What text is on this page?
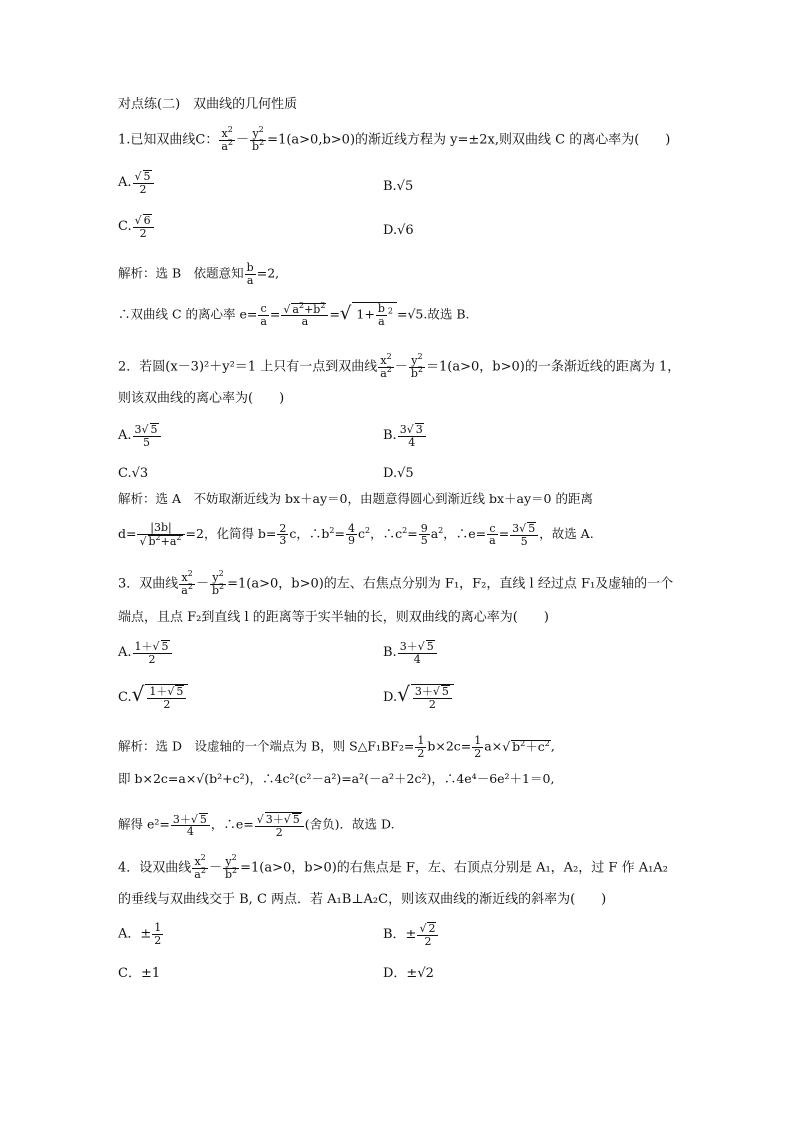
对点练(二)　双曲线的几何性质
1.已知双曲线C： $\frac{x^2}{a^2} - \frac{y^2}{b^2} =1(a>0,b>0)$的渐近线方程为 y=±2x,则双曲线 C 的离心率为(　　)
A.
√ $\frac{5}{2}$	B.√5
C.
√ $\frac{6}{2}$	D.√6
解析：选 B　依题意知 $\frac{b}{a} =2$,
∴双曲线 C 的离心率 $e= \frac{c}{a}$ =
√ $\frac{a^2+b^2}{a}$ =√ $1+ \frac{b}{a} ^2 =√5$.故选 B.
2．若圆(x－3)²＋y²＝1 上只有一点到双曲线 $\frac{x^2}{a^2} - \frac{y^2}{b^2} =1(a>0$，b>0)的一条渐近线的距离为 1，
则该双曲线的离心率为(　　)
A. $\frac{3√ 5}{5}$	B. $\frac{3√ 3}{4}$
C.√3	D.√5
解析：选 A　不妨取渐近线为 bx＋ay＝0，由题意得圆心到渐近线 bx＋ay＝0 的距离
d= |3b|
√ $b^2+a^2 =2$，化简得 $b= \frac{2}{3}$ c，$\therefore b^2= \frac{4}{9} c^2$，$\therefore c^2= \frac{9}{5} a^2$，∴e= $\frac{c}{a} = \frac{3√ 5}{5}$ ，故选 A.
3．双曲线 $\frac{x^2}{a^2} - \frac{y^2}{b^2} =1(a>0$，b>0)的左、右焦点分别为 F₁，F₂，直线 l 经过点 F₁及虚轴的一个
端点，且点 F₂到直线 l 的距离等于实半轴的长，则双曲线的离心率为(　　)
A. $\frac{1+√ 5}{2}$	B. $\frac{3+√ 5}{4}$
$C.√ \frac{1+√ 5}{2}$	$D.√ \frac{3+√ 5}{2}$
解析：选 D　设虚轴的一个端点为 B，则 S△F₁BF₂= $\frac{1}{2} b\times 2c= \frac{1}{2} a\times√$ $b^2+c^2$,
即 b×2c=a×√(b²+c²)，∴4c²(c²－a²)=a²(－a²＋2c²)，∴4e⁴－6e²＋1＝0,
解得 $e^2= \frac{3+√ 5}{4}$ ，∴e=
√ $\frac{3+√ 5}{2}$ (舍负)．故选 D.
4．设双曲线 $\frac{x^2}{a^2} - \frac{y^2}{b^2} =1(a>0$，b>0)的右焦点是 F，左、右顶点分别是 A₁，A₂，过 F 作 A₁A₂
的垂线与双曲线交于 B, C 两点．若 A₁B⊥A₂C，则该双曲线的渐近线的斜率为(　　)
A．± $\frac{1}{2}$	B．±
√ $\frac{2}{2}$
C．±1	D．±√2
